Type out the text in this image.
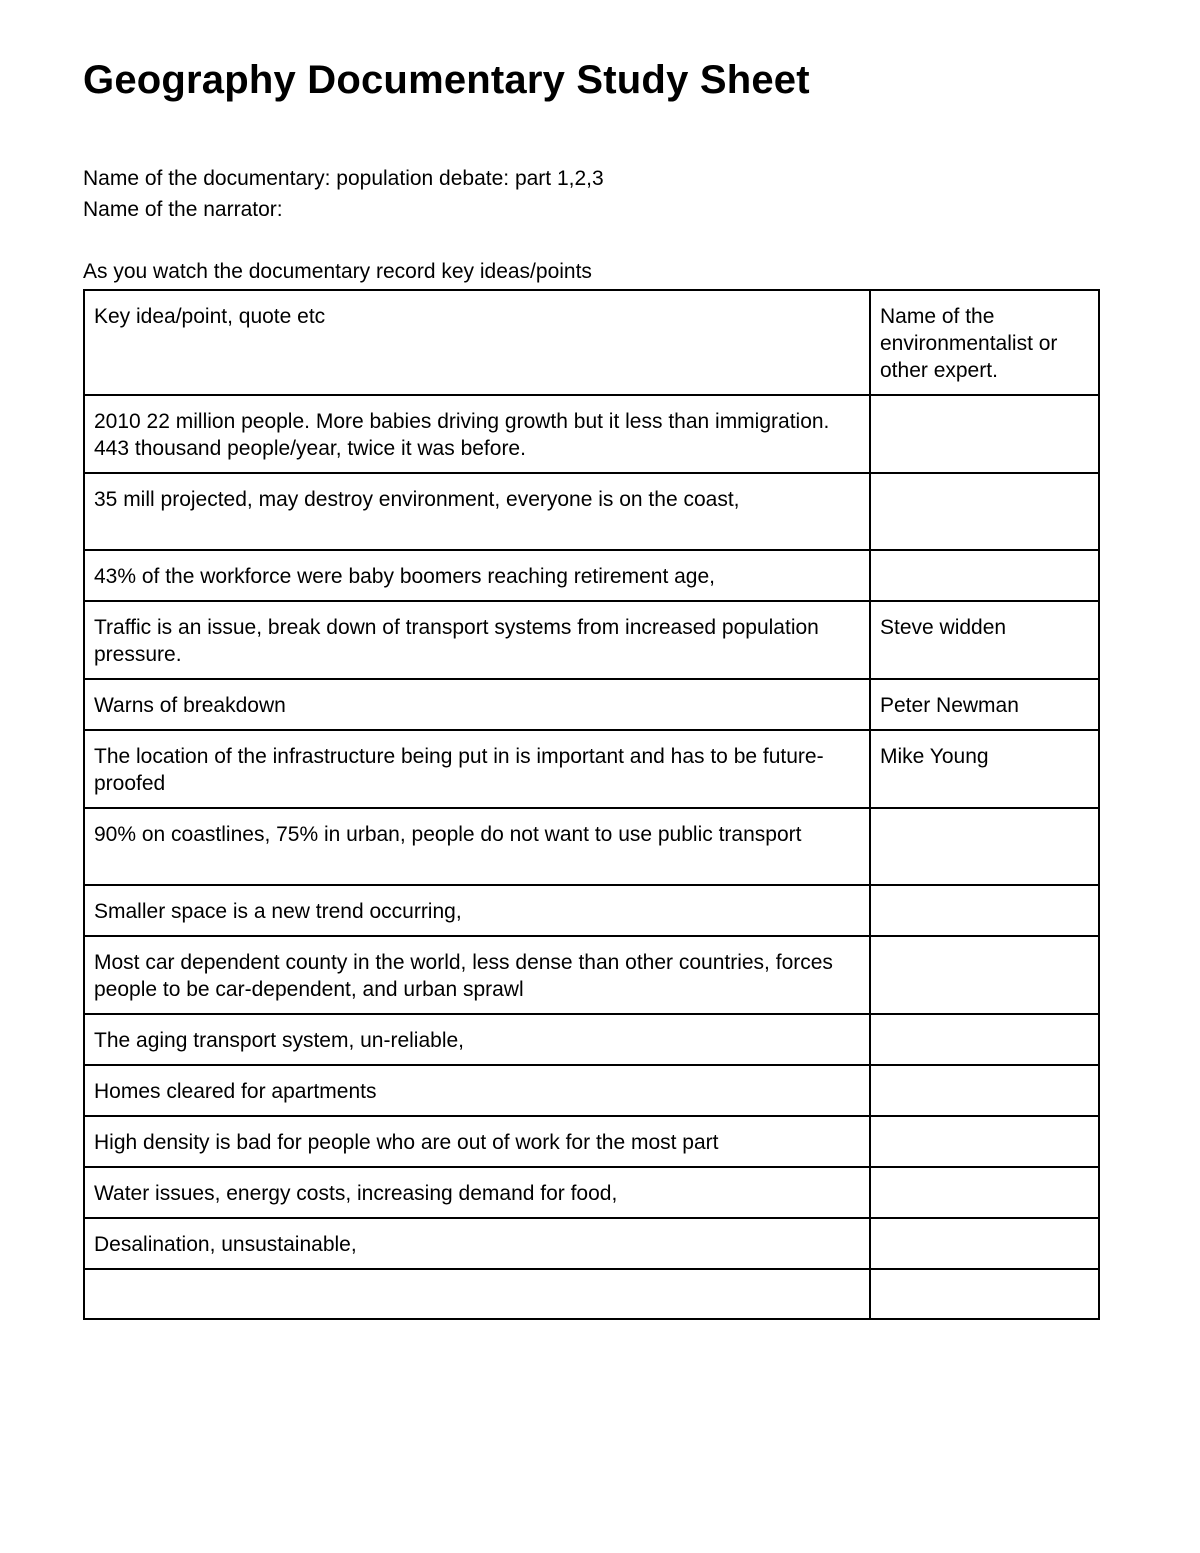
Geography Documentary Study Sheet
Name of the documentary: population debate: part 1,2,3
Name of the narrator:
As you watch the documentary record key ideas/points
Key idea/point, quote etc	Name of the environmentalist or other expert.
2010 22 million people. More babies driving growth but it less than immigration. 443 thousand people/year, twice it was before.	
35 mill projected, may destroy environment, everyone is on the coast,	
43% of the workforce were baby boomers reaching retirement age,	
Traffic is an issue, break down of transport systems from increased population pressure.	Steve widden
Warns of breakdown	Peter Newman
The location of the infrastructure being put in is important and has to be future-proofed	Mike Young
90% on coastlines, 75% in urban, people do not want to use public transport	
Smaller space is a new trend occurring,	
Most car dependent county in the world, less dense than other countries, forces people to be car-dependent, and urban sprawl	
The aging transport system, un-reliable,	
Homes cleared for apartments	
High density is bad for people who are out of work for the most part	
Water issues, energy costs, increasing demand for food,	
Desalination, unsustainable,	
